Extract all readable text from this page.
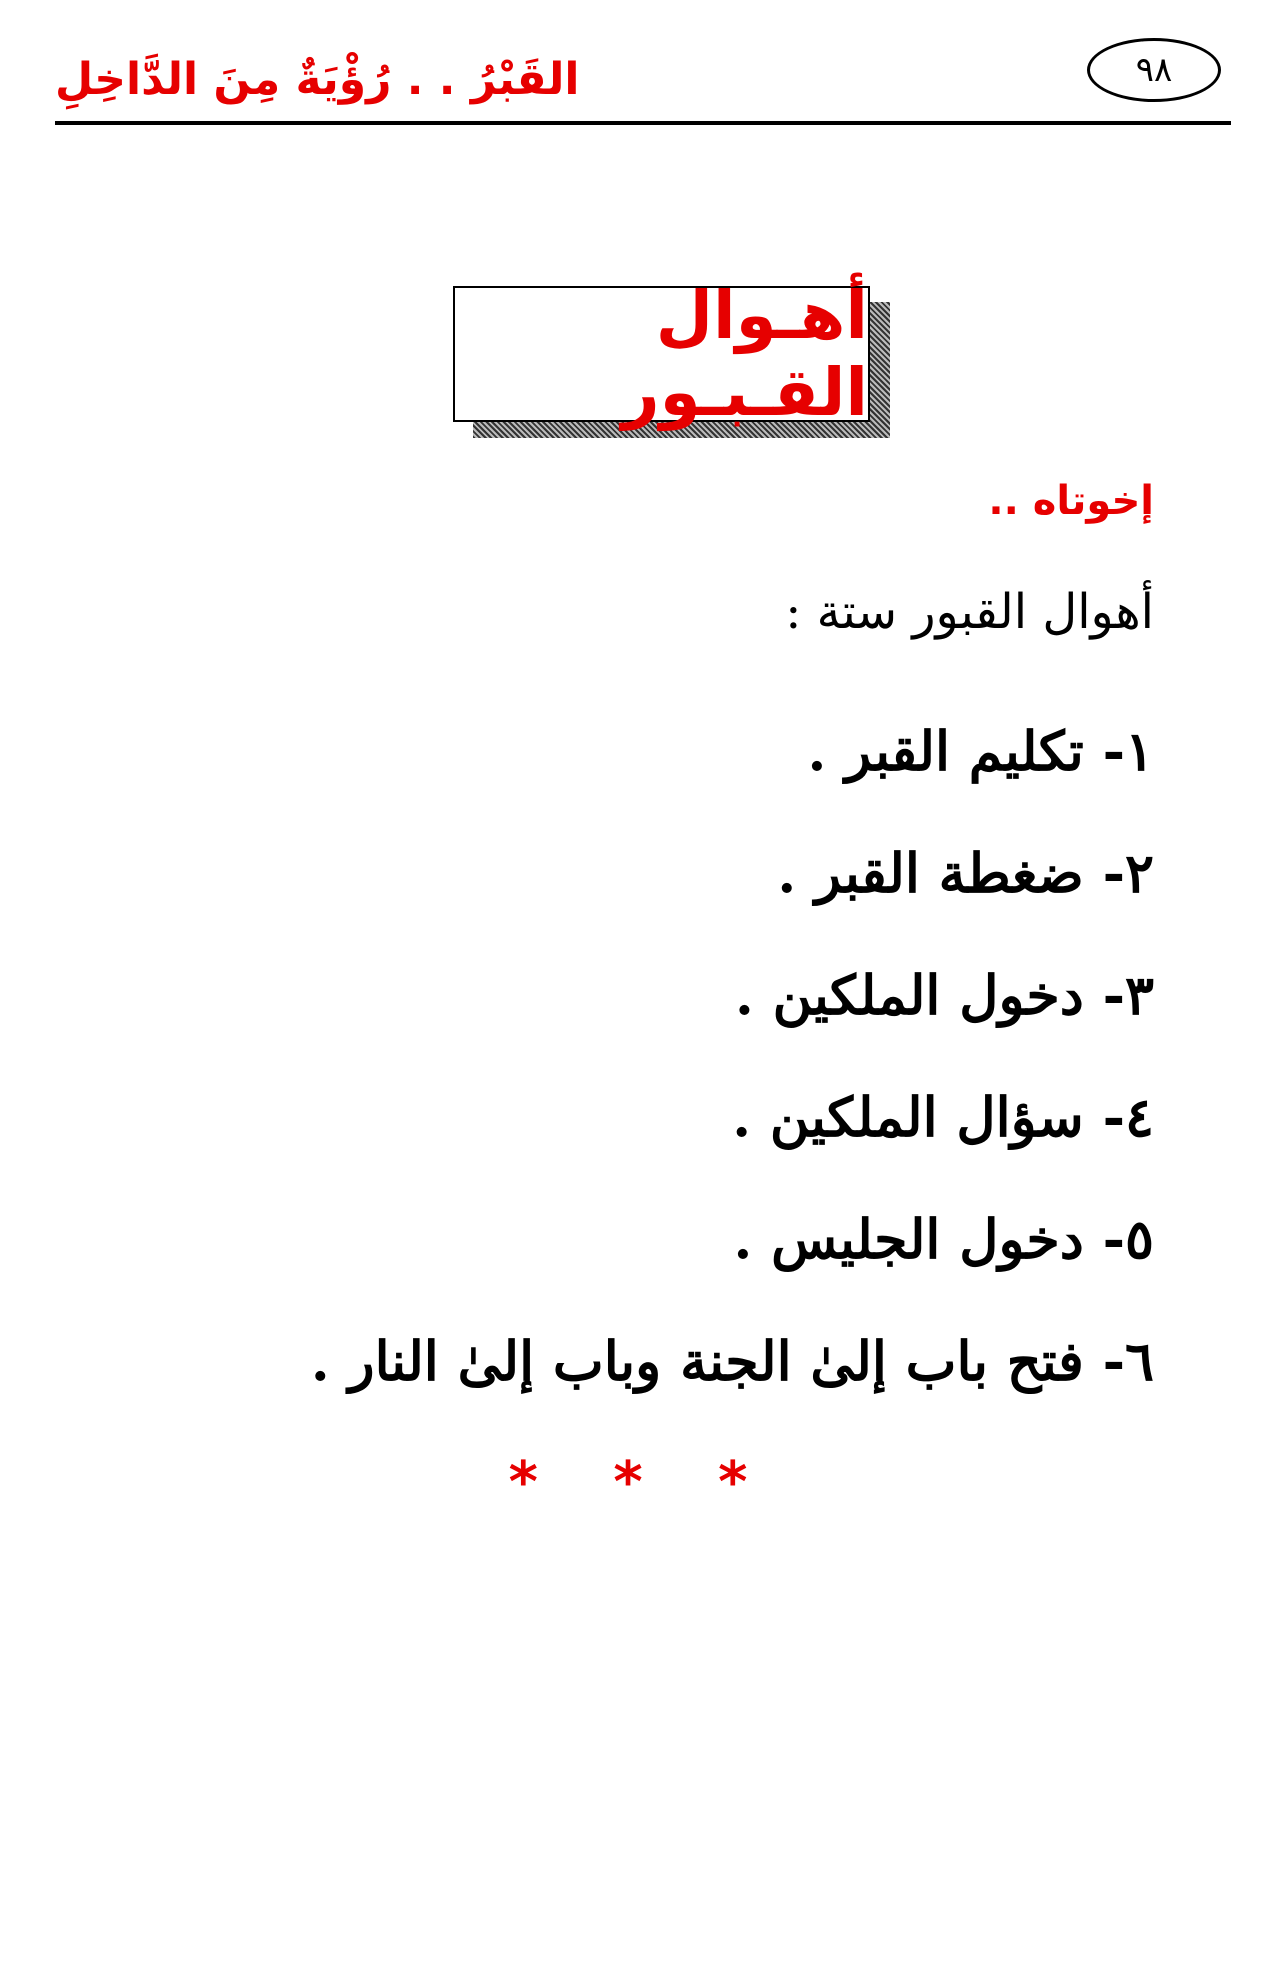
٩٨
القَبْرُ . . رُؤْيَةٌ مِنَ الدَّاخِلِ
أهـوال القـبـور
إخوتاه ..
أهوال القبور ستة :
١- تكليم القبر .
٢- ضغطة القبر .
٣- دخول الملكين .
٤- سؤال الملكين .
٥- دخول الجليس .
٦- فتح باب إلىٰ الجنة وباب إلىٰ النار .
* * *
